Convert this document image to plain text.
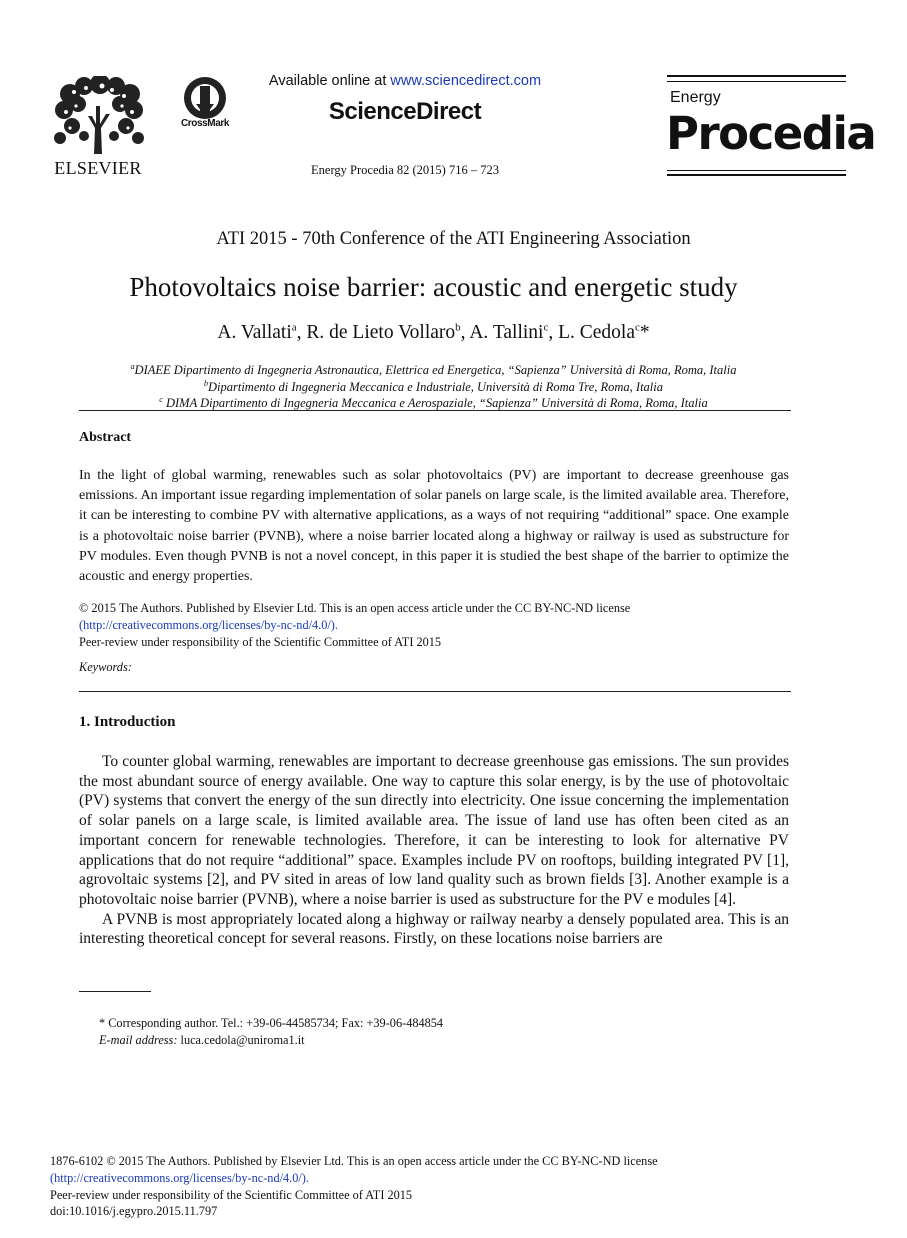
ELSEVIER
CrossMark
Available online at www.sciencedirect.com
ScienceDirect
Energy Procedia 82 (2015) 716 – 723
Energy
Procedia
ATI 2015 - 70th Conference of the ATI Engineering Association
Photovoltaics noise barrier: acoustic and energetic study
A. Vallati$^a$, R. de Lieto Vollaro$^b$, A. Tallini$^c$, L. Cedola$^c$*
$^a$DIAEE Dipartimento di Ingegneria Astronautica, Elettrica ed Energetica, “Sapienza” Università di Roma, Roma, Italia
$^b$Dipartimento di Ingegneria Meccanica e Industriale, Università di Roma Tre, Roma, Italia
$^c$ DIMA Dipartimento di Ingegneria Meccanica e Aerospaziale, “Sapienza” Università di Roma, Roma, Italia
Abstract
In the light of global warming, renewables such as solar photovoltaics (PV) are important to decrease greenhouse gas emissions. An important issue regarding implementation of solar panels on large scale, is the limited available area. Therefore, it can be interesting to combine PV with alternative applications, as a ways of not requiring “additional” space. One example is a photovoltaic noise barrier (PVNB), where a noise barrier located along a highway or railway is used as substructure for PV modules. Even though PVNB is not a novel concept, in this paper it is studied the best shape of the barrier to optimize the acoustic and energy properties.
© 2015 The Authors. Published by Elsevier Ltd. This is an open access article under the CC BY-NC-ND license
(http://creativecommons.org/licenses/by-nc-nd/4.0/).
Peer-review under responsibility of the Scientific Committee of ATI 2015
Keywords:
1. Introduction

To counter global warming, renewables are important to decrease greenhouse gas emissions. The sun provides the most abundant source of energy available. One way to capture this solar energy, is by the use of photovoltaic (PV) systems that convert the energy of the sun directly into electricity. One issue concerning the implementation of solar panels on a large scale, is limited available area. The issue of land use has often been cited as an important concern for renewable technologies. Therefore, it can be interesting to look for alternative PV applications that do not require “additional” space. Examples include PV on rooftops, building integrated PV [1], agrovoltaic systems [2], and PV sited in areas of low land quality such as brown fields [3]. Another example is a photovoltaic noise barrier (PVNB), where a noise barrier is used as substructure for the PV e modules [4].

A PVNB is most appropriately located along a highway or railway nearby a densely populated area. This is an interesting theoretical concept for several reasons. Firstly, on these locations noise barriers are

* Corresponding author. Tel.: +39-06-44585734; Fax: +39-06-484854
E-mail address: luca.cedola@uniroma1.it
1876-6102 © 2015 The Authors. Published by Elsevier Ltd. This is an open access article under the CC BY-NC-ND license
(http://creativecommons.org/licenses/by-nc-nd/4.0/).
Peer-review under responsibility of the Scientific Committee of ATI 2015
doi:10.1016/j.egypro.2015.11.797
